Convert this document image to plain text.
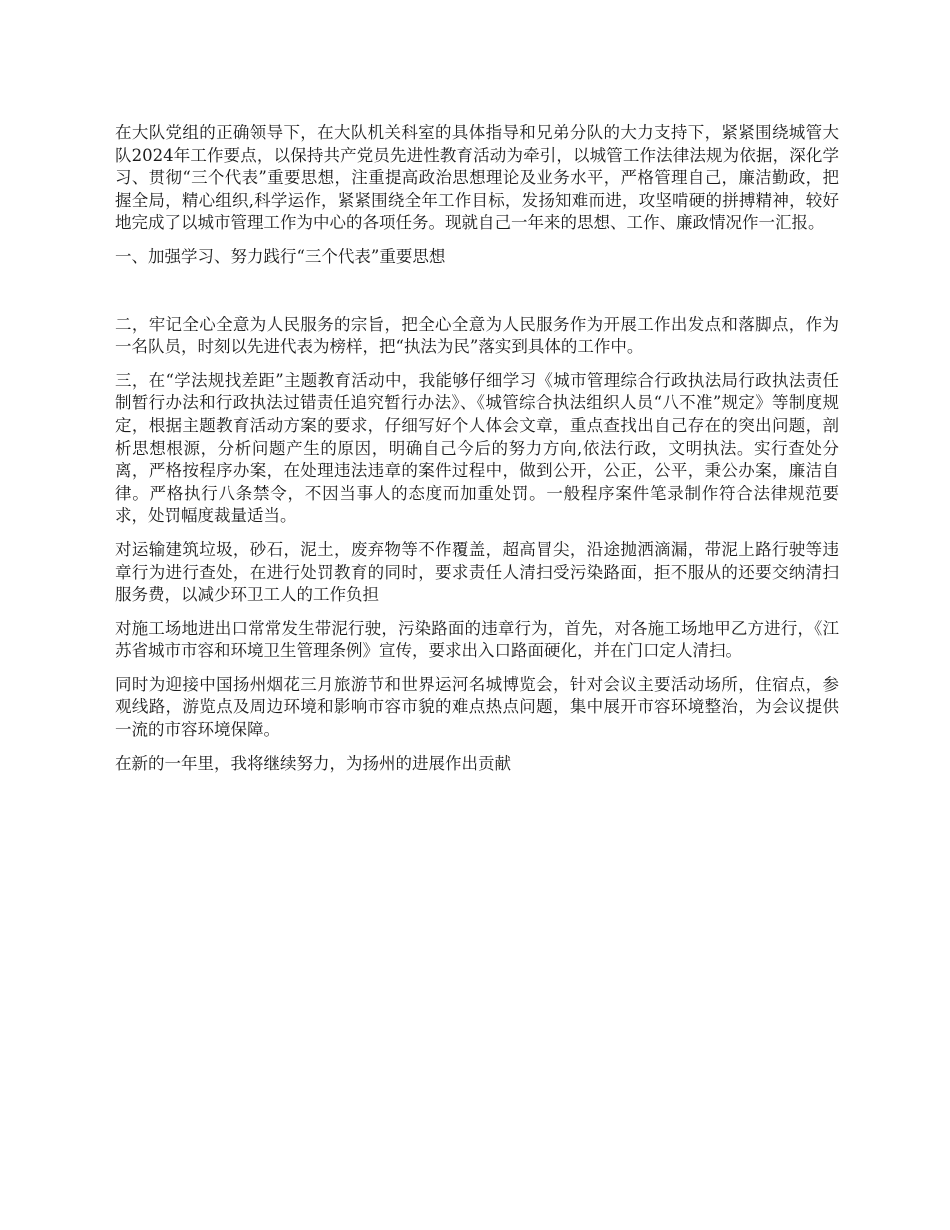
在大队党组的正确领导下，在大队机关科室的具体指导和兄弟分队的大力支持下，紧紧围绕城管大队2024年工作要点，以保持共产党员先进性教育活动为牵引，以城管工作法律法规为依据，深化学习、贯彻“三个代表”重要思想，注重提高政治思想理论及业务水平，严格管理自己，廉洁勤政，把握全局，精心组织,科学运作，紧紧围绕全年工作目标，发扬知难而进，攻坚啃硬的拼搏精神，较好地完成了以城市管理工作为中心的各项任务。现就自己一年来的思想、工作、廉政情况作一汇报。

一、加强学习、努力践行“三个代表”重要思想

二，牢记全心全意为人民服务的宗旨，把全心全意为人民服务作为开展工作出发点和落脚点，作为一名队员，时刻以先进代表为榜样，把“执法为民”落实到具体的工作中。

三，在“学法规找差距”主题教育活动中，我能够仔细学习《城市管理综合行政执法局行政执法责任制暂行办法和行政执法过错责任追究暂行办法》、《城管综合执法组织人员“八不准”规定》等制度规定，根据主题教育活动方案的要求，仔细写好个人体会文章，重点查找出自己存在的突出问题，剖析思想根源，分析问题产生的原因，明确自己今后的努力方向,依法行政，文明执法。实行查处分离，严格按程序办案，在处理违法违章的案件过程中，做到公开，公正，公平，秉公办案，廉洁自律。严格执行八条禁令，不因当事人的态度而加重处罚。一般程序案件笔录制作符合法律规范要求，处罚幅度裁量适当。

对运输建筑垃圾，砂石，泥土，废弃物等不作覆盖，超高冒尖，沿途抛洒滴漏，带泥上路行驶等违章行为进行查处，在进行处罚教育的同时，要求责任人清扫受污染路面，拒不服从的还要交纳清扫服务费，以减少环卫工人的工作负担

对施工场地进出口常常发生带泥行驶，污染路面的违章行为，首先，对各施工场地甲乙方进行，《江苏省城市市容和环境卫生管理条例》宣传，要求出入口路面硬化，并在门口定人清扫。

同时为迎接中国扬州烟花三月旅游节和世界运河名城博览会，针对会议主要活动场所，住宿点，参观线路，游览点及周边环境和影响市容市貌的难点热点问题，集中展开市容环境整治，为会议提供一流的市容环境保障。

在新的一年里，我将继续努力，为扬州的进展作出贡献
